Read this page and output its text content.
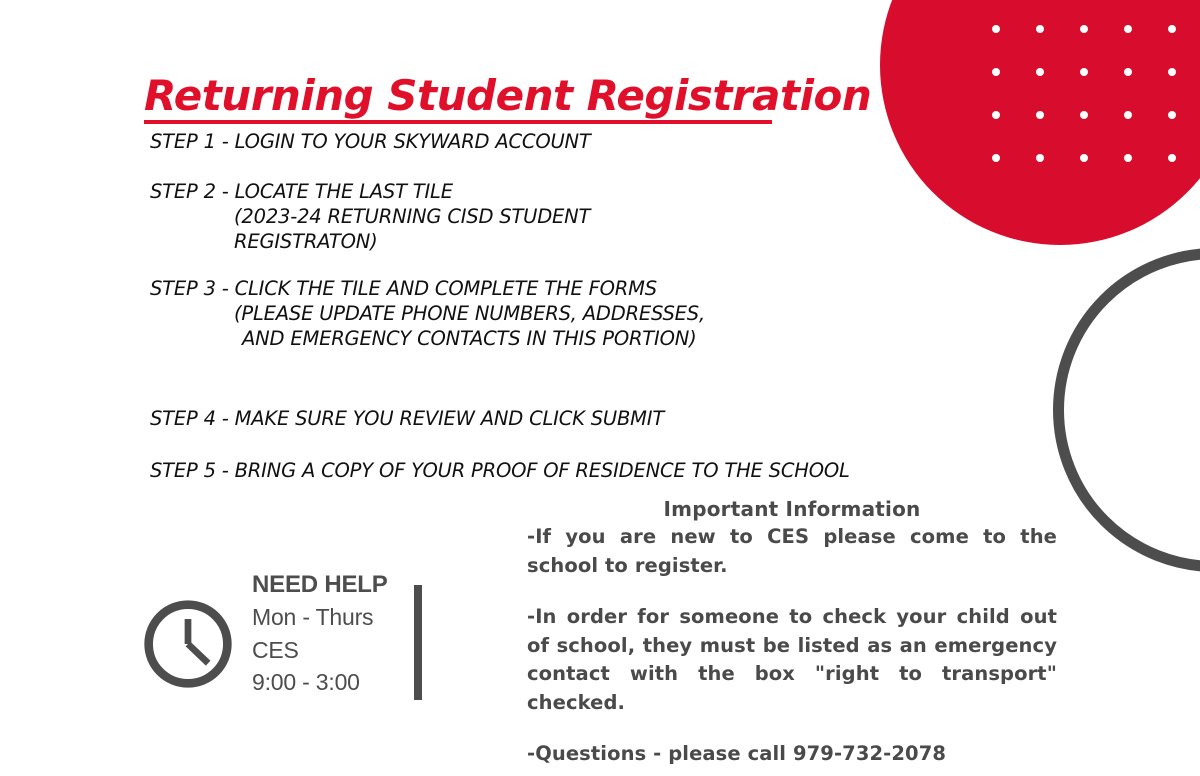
Returning Student Registration
STEP 1 - LOGIN TO YOUR SKYWARD ACCOUNT
STEP 2 - LOCATE THE LAST TILE
(2023-24 RETURNING CISD STUDENT
REGISTRATON)
STEP 3 - CLICK THE TILE AND COMPLETE THE FORMS
(PLEASE UPDATE PHONE NUMBERS, ADDRESSES,
AND EMERGENCY CONTACTS IN THIS PORTION)
STEP 4 - MAKE SURE YOU REVIEW AND CLICK SUBMIT
STEP 5 - BRING A COPY OF YOUR PROOF OF RESIDENCE TO THE SCHOOL
NEED HELP
Mon - Thurs
CES
9:00 - 3:00
Important Information

-If you are new to CES please come to the school to register.

-In order for someone to check your child out of school, they must be listed as an emergency contact with the box "right to transport" checked.

-Questions - please call 979-732-2078
